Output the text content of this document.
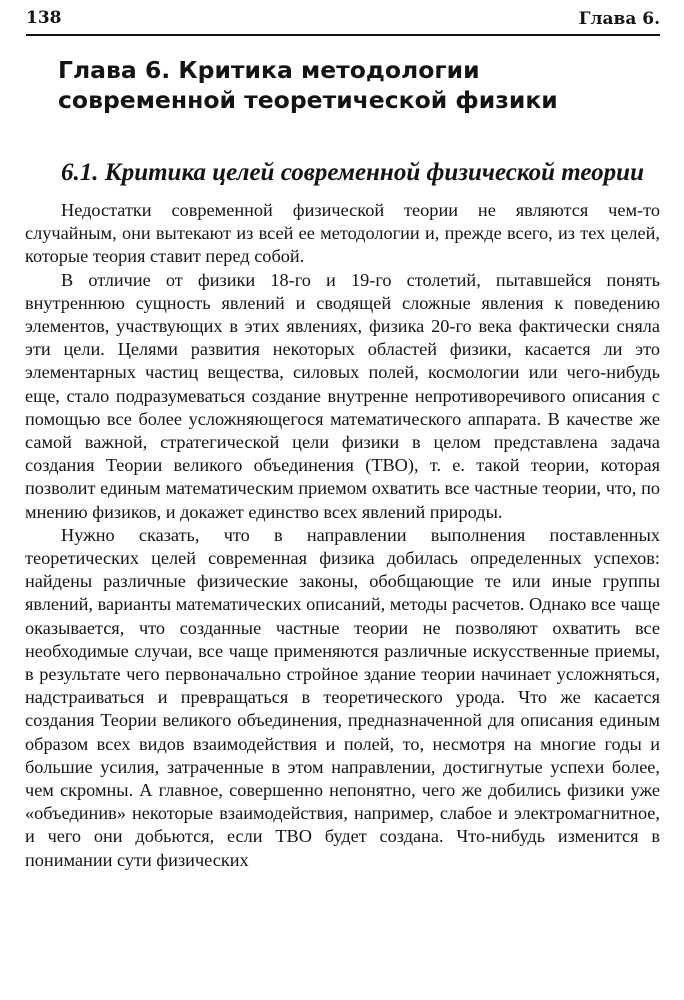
138	Глава 6.
Глава 6. Критика методологии современной теоретической физики
6.1. Критика целей современной физической теории

Недостатки современной физической теории не являются чем-то случайным, они вытекают из всей ее методологии и, прежде всего, из тех целей, которые теория ставит перед собой.

В отличие от физики 18-го и 19-го столетий, пытавшейся понять внутреннюю сущность явлений и сводящей сложные явления к поведению элементов, участвующих в этих явлениях, физика 20-го века фактически сняла эти цели. Целями развития некоторых областей физики, касается ли это элементарных частиц вещества, силовых полей, космологии или чего-нибудь еще, стало подразумеваться создание внутренне непротиворечивого описания с помощью все более усложняющегося математического аппарата. В качестве же самой важной, стратегической цели физики в целом представлена задача создания Теории великого объединения (ТВО), т. е. такой теории, которая позволит единым математическим приемом охватить все частные теории, что, по мнению физиков, и докажет единство всех явлений природы.

Нужно сказать, что в направлении выполнения поставленных теоретических целей современная физика добилась определенных успехов: найдены различные физические законы, обобщающие те или иные группы явлений, варианты математических описаний, методы расчетов. Однако все чаще оказывается, что созданные частные теории не позволяют охватить все необходимые случаи, все чаще применяются различные искусственные приемы, в результате чего первоначально стройное здание теории начинает усложняться, надстраиваться и превращаться в теоретического урода. Что же касается создания Теории великого объединения, предназначенной для описания единым образом всех видов взаимодействия и полей, то, несмотря на многие годы и большие усилия, затраченные в этом направлении, достигнутые успехи более, чем скромны. А главное, совершенно непонятно, чего же добились физики уже «объединив» некоторые взаимодействия, например, слабое и электромагнитное, и чего они добьются, если ТВО будет создана. Что-нибудь изменится в понимании сути физических
